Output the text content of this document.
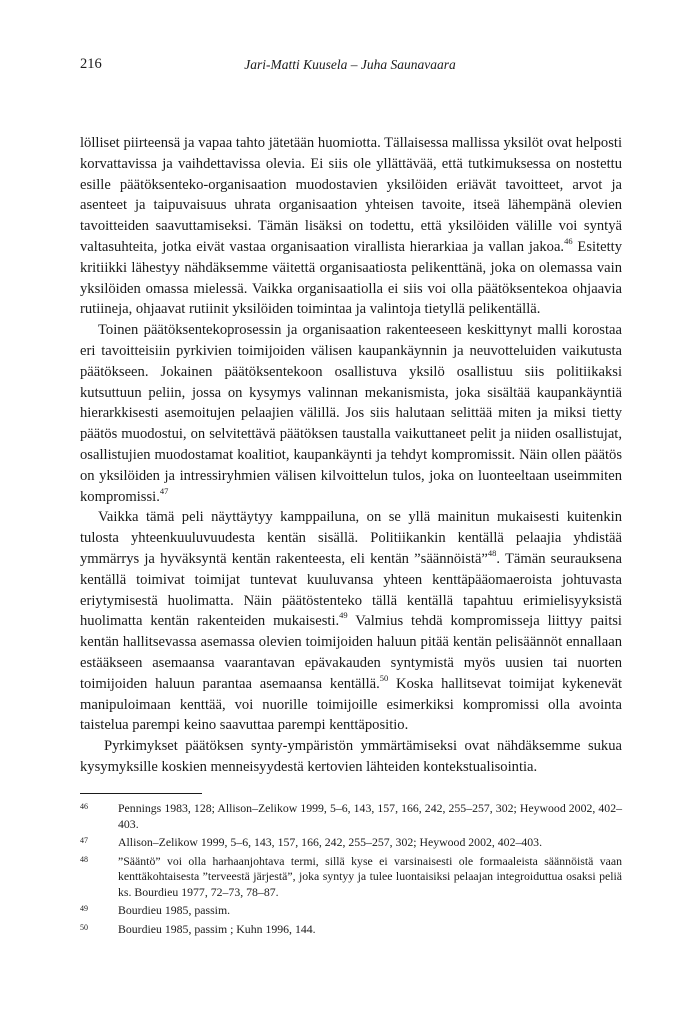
216	Jari-Matti Kuusela – Juha Saunavaara

lölliset piirteensä ja vapaa tahto jätetään huomiotta. Tällaisessa mallissa yksilöt ovat helposti korvattavissa ja vaihdettavissa olevia. Ei siis ole yllättävää, että tutkimuksessa on nostettu esille päätöksenteko-organisaation muodostavien yksilöiden eriävät tavoitteet, arvot ja asenteet ja taipuvaisuus uhrata organisaation yhteisen tavoite, itseä lähempänä olevien tavoitteiden saavuttamiseksi. Tämän lisäksi on todettu, että yksilöiden välille voi syntyä valtasuhteita, jotka eivät vastaa organisaation virallista hierarkiaa ja vallan jakoa.$^{46}$ Esitetty kritiikki lähestyy nähdäksemme väitettä organisaatiosta pelikenttänä, joka on olemassa vain yksilöiden omassa mielessä. Vaikka organisaatiolla ei siis voi olla päätöksentekoa ohjaavia rutiineja, ohjaavat rutiinit yksilöiden toimintaa ja valintoja tietyllä pelikentällä.

Toinen päätöksentekoprosessin ja organisaation rakenteeseen keskittynyt malli korostaa eri tavoitteisiin pyrkivien toimijoiden välisen kaupankäynnin ja neuvotteluiden vaikutusta päätökseen. Jokainen päätöksentekoon osallistuva yksilö osallistuu siis politiikaksi kutsuttuun peliin, jossa on kysymys valinnan mekanismista, joka sisältää kaupankäyntiä hierarkkisesti asemoitujen pelaajien välillä. Jos siis halutaan selittää miten ja miksi tietty päätös muodostui, on selvitettävä päätöksen taustalla vaikuttaneet pelit ja niiden osallistujat, osallistujien muodostamat koalitiot, kaupankäynti ja tehdyt kompromissit. Näin ollen päätös on yksilöiden ja intressiryhmien välisen kilvoittelun tulos, joka on luonteeltaan useimmiten kompromissi.$^{47}$

Vaikka tämä peli näyttäytyy kamppailuna, on se yllä mainitun mukaisesti kuitenkin tulosta yhteenkuuluvuudesta kentän sisällä. Politiikankin kentällä pelaajia yhdistää ymmärrys ja hyväksyntä kentän rakenteesta, eli kentän ”säännöistä”$^{48}$. Tämän seurauksena kentällä toimivat toimijat tuntevat kuuluvansa yhteen kenttäpääomaeroista johtuvasta eriytymisestä huolimatta. Näin päätöstenteko tällä kentällä tapahtuu erimielisyyksistä huolimatta kentän rakenteiden mukaisesti.$^{49}$ Valmius tehdä kompromisseja liittyy paitsi kentän hallitsevassa asemassa olevien toimijoiden haluun pitää kentän pelisäännöt ennallaan estääkseen asemaansa vaarantavan epävakauden syntymistä myös uusien tai nuorten toimijoiden haluun parantaa asemaansa kentällä.$^{50}$ Koska hallitsevat toimijat kykenevät manipuloimaan kenttää, voi nuorille toimijoille esimerkiksi kompromissi olla avointa taistelua parempi keino saavuttaa parempi kenttäpositio.

Pyrkimykset päätöksen synty-ympäristön ymmärtämiseksi ovat nähdäksemme sukua kysymyksille koskien menneisyydestä kertovien lähteiden kontekstualisointia.

46	Pennings 1983, 128; Allison–Zelikow 1999, 5–6, 143, 157, 166, 242, 255–257, 302; Heywood 2002, 402–403.
47	Allison–Zelikow 1999, 5–6, 143, 157, 166, 242, 255–257, 302; Heywood 2002, 402–403.
48	”Sääntö” voi olla harhaanjohtava termi, sillä kyse ei varsinaisesti ole formaaleista säännöistä vaan kenttäkohtaisesta ”terveestä järjestä”, joka syntyy ja tulee luontaisiksi pelaajan integroiduttua osaksi peliä ks. Bourdieu 1977, 72–73, 78–87.
49	Bourdieu 1985, passim.
50	Bourdieu 1985, passim ; Kuhn 1996, 144.
